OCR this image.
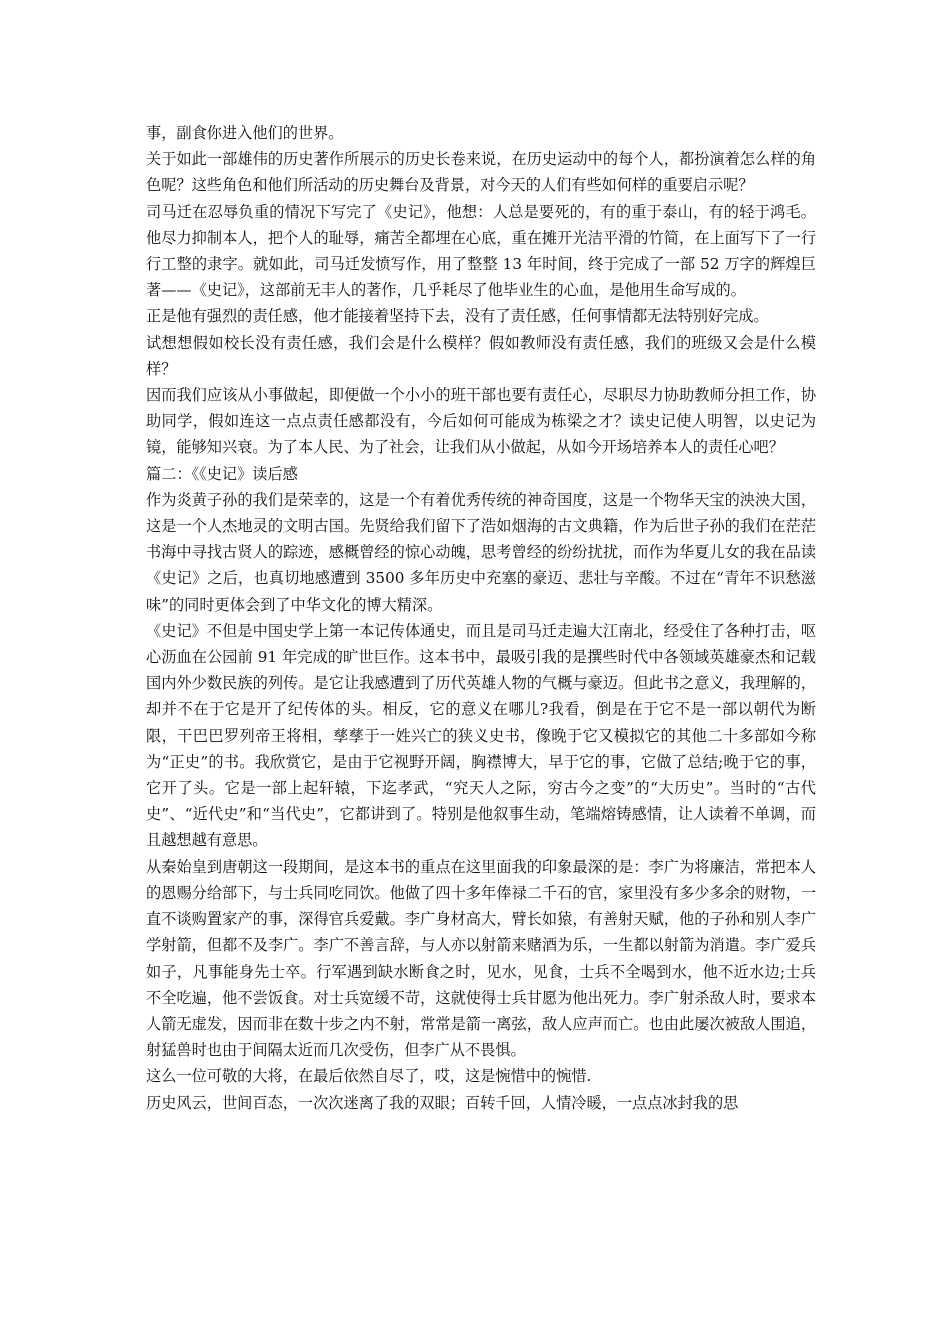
事，副食你进入他们的世界。

关于如此一部雄伟的历史著作所展示的历史长卷来说，在历史运动中的每个人，都扮演着怎么样的角色呢？这些角色和他们所活动的历史舞台及背景，对今天的人们有些如何样的重要启示呢？

司马迁在忍辱负重的情况下写完了《史记》，他想：人总是要死的，有的重于泰山，有的轻于鸿毛。他尽力抑制本人，把个人的耻辱，痛苦全都埋在心底，重在摊开光洁平滑的竹简，在上面写下了一行行工整的隶字。就如此，司马迁发愤写作，用了整整 13 年时间，终于完成了一部 52 万字的辉煌巨著——《史记》，这部前无丰人的著作，几乎耗尽了他毕业生的心血，是他用生命写成的。

正是他有强烈的责任感，他才能接着坚持下去，没有了责任感，任何事情都无法特别好完成。

试想想假如校长没有责任感，我们会是什么模样？假如教师没有责任感，我们的班级又会是什么模样？

因而我们应该从小事做起，即便做一个小小的班干部也要有责任心，尽职尽力协助教师分担工作，协助同学，假如连这一点点责任感都没有，今后如何可能成为栋梁之才？读史记使人明智，以史记为镜，能够知兴衰。为了本人民、为了社会，让我们从小做起，从如今开场培养本人的责任心吧？

篇二：《《史记》读后感

作为炎黄子孙的我们是荣幸的，这是一个有着优秀传统的神奇国度，这是一个物华天宝的泱泱大国，这是一个人杰地灵的文明古国。先贤给我们留下了浩如烟海的古文典籍，作为后世子孙的我们在茫茫书海中寻找古贤人的踪迹，感概曾经的惊心动魄，思考曾经的纷纷扰扰，而作为华夏儿女的我在品读《史记》之后，也真切地感遭到 3500 多年历史中充塞的豪迈、悲壮与辛酸。不过在“青年不识愁滋味”的同时更体会到了中华文化的博大精深。

《史记》不但是中国史学上第一本记传体通史，而且是司马迁走遍大江南北，经受住了各种打击，呕心沥血在公园前 91 年完成的旷世巨作。这本书中，最吸引我的是撰些时代中各领域英雄豪杰和记载国内外少数民族的列传。是它让我感遭到了历代英雄人物的气概与豪迈。但此书之意义，我理解的，却并不在于它是开了纪传体的头。相反，它的意义在哪儿?我看，倒是在于它不是一部以朝代为断限，干巴巴罗列帝王将相，孳孳于一姓兴亡的狭义史书，像晚于它又模拟它的其他二十多部如今称为“正史”的书。我欣赏它，是由于它视野开阔，胸襟博大，早于它的事，它做了总结;晚于它的事，它开了头。它是一部上起轩辕，下迄孝武，“究天人之际，穷古今之变”的“大历史”。当时的“古代史”、“近代史”和“当代史”，它都讲到了。特别是他叙事生动，笔端熔铸感情，让人读着不单调，而且越想越有意思。

从秦始皇到唐朝这一段期间，是这本书的重点在这里面我的印象最深的是：李广为将廉洁，常把本人的恩赐分给部下，与士兵同吃同饮。他做了四十多年俸禄二千石的官，家里没有多少多余的财物，一直不谈购置家产的事，深得官兵爱戴。李广身材高大，臂长如猿，有善射天赋，他的子孙和别人李广学射箭，但都不及李广。李广不善言辞，与人亦以射箭来赌酒为乐，一生都以射箭为消遣。李广爱兵如子，凡事能身先士卒。行军遇到缺水断食之时，见水，见食，士兵不全喝到水，他不近水边;士兵不全吃遍，他不尝饭食。对士兵宽缓不苛，这就使得士兵甘愿为他出死力。李广射杀敌人时，要求本人箭无虚发，因而非在数十步之内不射，常常是箭一离弦，敌人应声而亡。也由此屡次被敌人围追，射猛兽时也由于间隔太近而几次受伤，但李广从不畏惧。

这么一位可敬的大将，在最后依然自尽了，哎，这是惋惜中的惋惜.

历史风云，世间百态，一次次迷离了我的双眼；百转千回，人情冷暖，一点点冰封我的思
